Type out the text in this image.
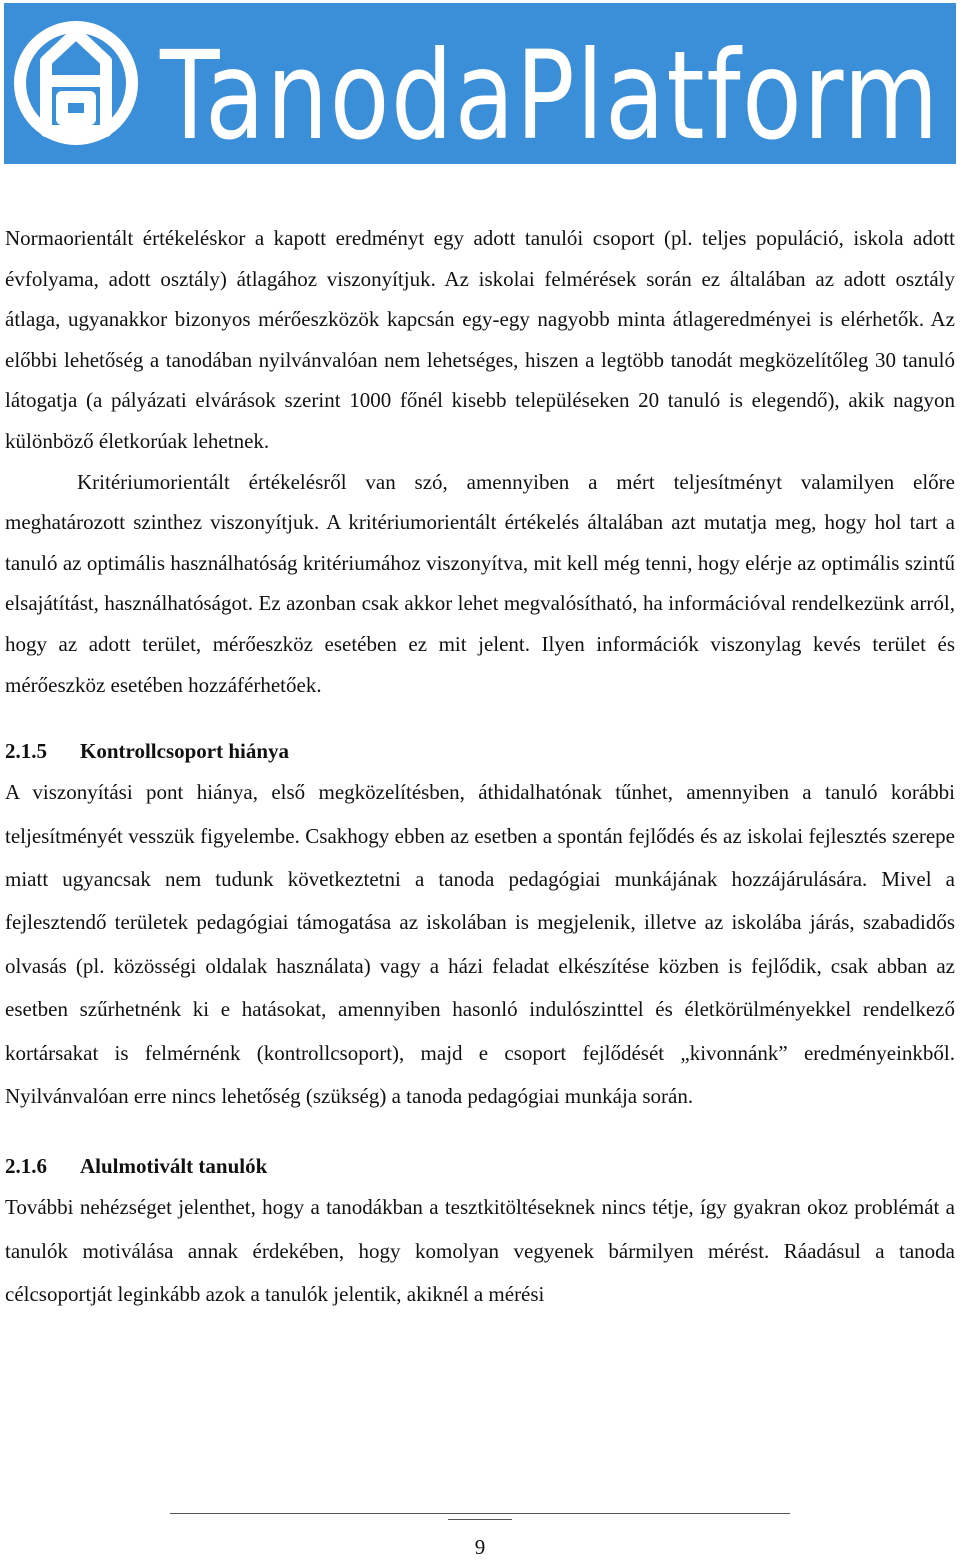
TanodaPlatform

Normaorientált értékeléskor a kapott eredményt egy adott tanulói csoport (pl. teljes populáció, iskola adott évfolyama, adott osztály) átlagához viszonyítjuk. Az iskolai felmérések során ez általában az adott osztály átlaga, ugyanakkor bizonyos mérőeszközök kapcsán egy-egy nagyobb minta átlageredményei is elérhetők. Az előbbi lehetőség a tanodában nyilvánvalóan nem lehetséges, hiszen a legtöbb tanodát megközelítőleg 30 tanuló látogatja (a pályázati elvárások szerint 1000 főnél kisebb településeken 20 tanuló is elegendő), akik nagyon különböző életkorúak lehetnek.

Kritériumorientált értékelésről van szó, amennyiben a mért teljesítményt valamilyen előre meghatározott szinthez viszonyítjuk. A kritériumorientált értékelés általában azt mutatja meg, hogy hol tart a tanuló az optimális használhatóság kritériumához viszonyítva, mit kell még tenni, hogy elérje az optimális szintű elsajátítást, használhatóságot. Ez azonban csak akkor lehet megvalósítható, ha információval rendelkezünk arról, hogy az adott terület, mérőeszköz esetében ez mit jelent. Ilyen információk viszonylag kevés terület és mérőeszköz esetében hozzáférhetőek.

2.1.5	Kontrollcsoport hiánya

A viszonyítási pont hiánya, első megközelítésben, áthidalhatónak tűnhet, amennyiben a tanuló korábbi teljesítményét vesszük figyelembe. Csakhogy ebben az esetben a spontán fejlődés és az iskolai fejlesztés szerepe miatt ugyancsak nem tudunk következtetni a tanoda pedagógiai munkájának hozzájárulására. Mivel a fejlesztendő területek pedagógiai támogatása az iskolában is megjelenik, illetve az iskolába járás, szabadidős olvasás (pl. közösségi oldalak használata) vagy a házi feladat elkészítése közben is fejlődik, csak abban az esetben szűrhetnénk ki e hatásokat, amennyiben hasonló indulószinttel és életkörülményekkel rendelkező kortársakat is felmérnénk (kontrollcsoport), majd e csoport fejlődését „kivonnánk” eredményeinkből. Nyilvánvalóan erre nincs lehetőség (szükség) a tanoda pedagógiai munkája során.

2.1.6	Alulmotivált tanulók

További nehézséget jelenthet, hogy a tanodákban a tesztkitöltéseknek nincs tétje, így gyakran okoz problémát a tanulók motiválása annak érdekében, hogy komolyan vegyenek bármilyen mérést. Ráadásul a tanoda célcsoportját leginkább azok a tanulók jelentik, akiknél a mérési

9
